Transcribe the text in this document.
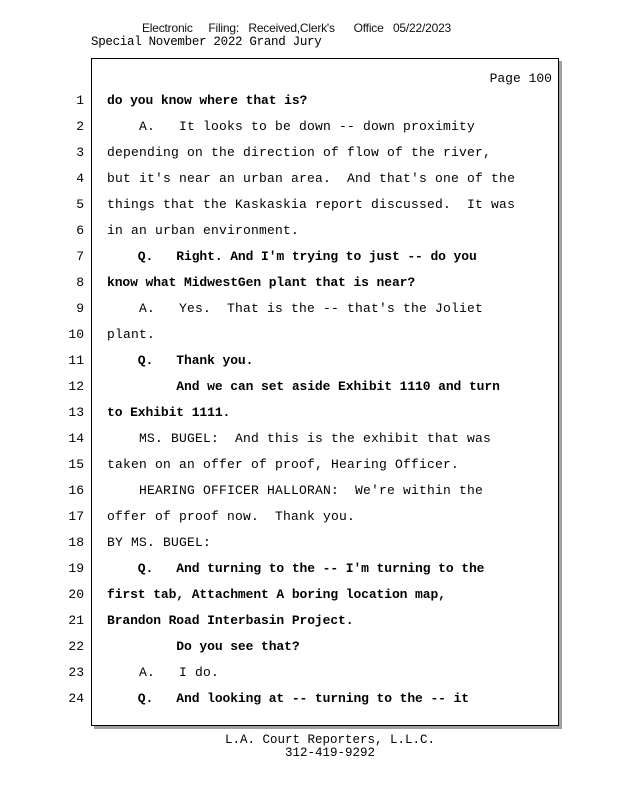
Electronic     Filing:   Received,Clerk's      Office   05/22/2023
Special November 2022 Grand Jury
Page 100
1 do you know where that is?
2 A.   It looks to be down -- down proximity
3 depending on the direction of flow of the river,
4 but it's near an urban area.  And that's one of the
5 things that the Kaskaskia report discussed.  It was
6 in an urban environment.
7 Q.   Right. And I'm trying to just -- do you
8 know what MidwestGen plant that is near?
9 A.   Yes.  That is the -- that's the Joliet
10 plant.
11 Q.   Thank you.
12 And we can set aside Exhibit 1110 and turn
13 to Exhibit 1111.
14 MS. BUGEL:  And this is the exhibit that was
15 taken on an offer of proof, Hearing Officer.
16 HEARING OFFICER HALLORAN:  We're within the
17 offer of proof now.  Thank you.
18 BY MS. BUGEL:
19 Q.   And turning to the -- I'm turning to the
20 first tab, Attachment A boring location map,
21 Brandon Road Interbasin Project.
22 Do you see that?
23 A.   I do.
24 Q.   And looking at -- turning to the -- it
L.A. Court Reporters, L.L.C.
312-419-9292
